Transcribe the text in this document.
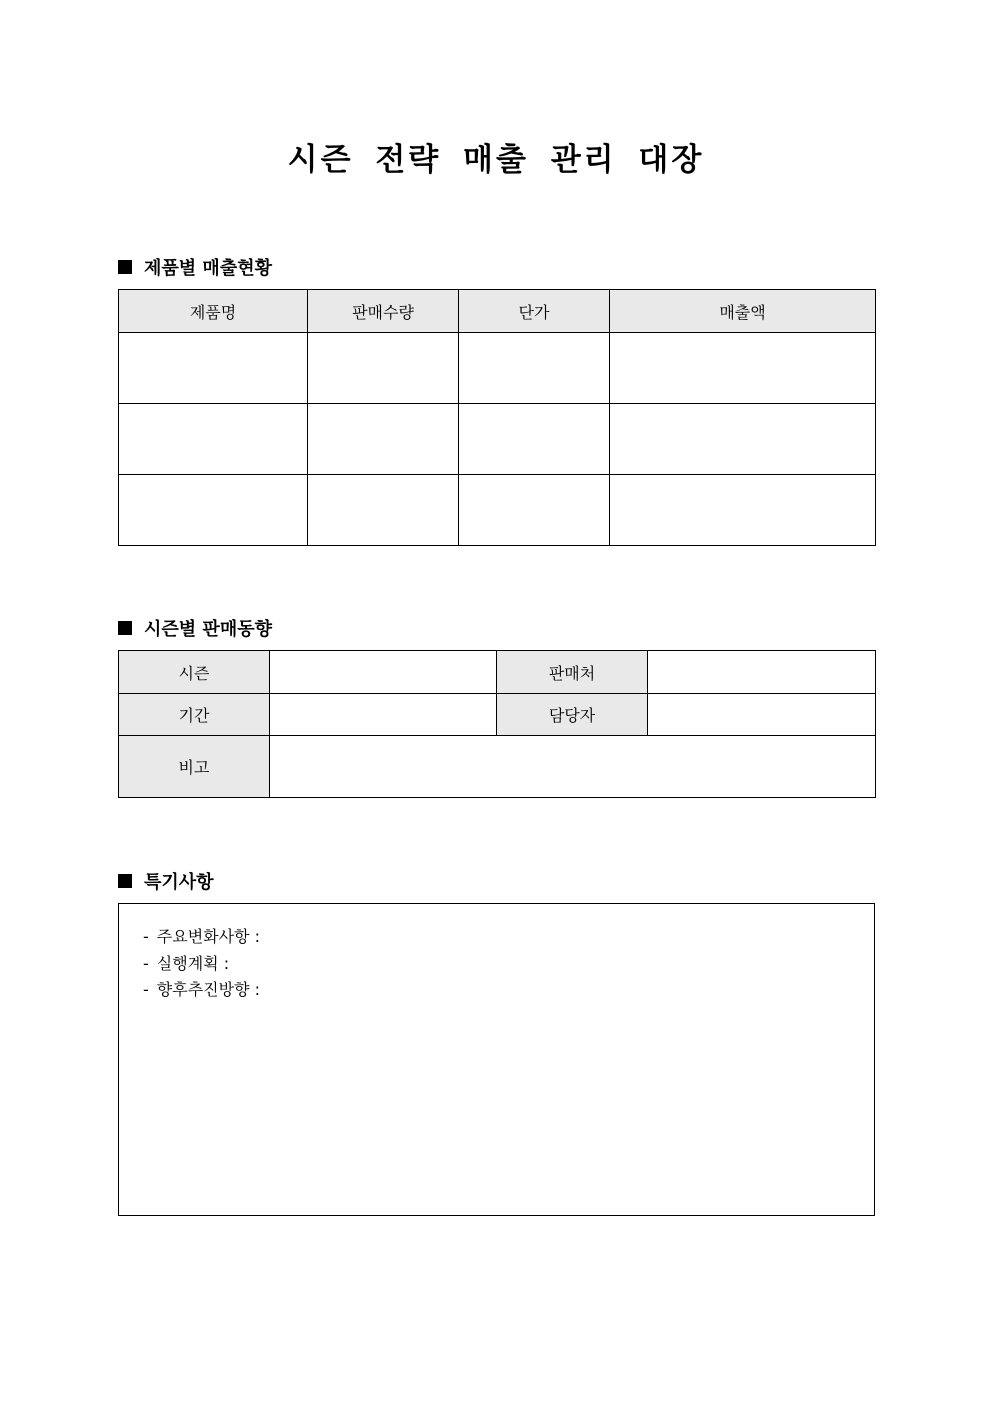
시즌 전략 매출 관리 대장
제품별 매출현황
제품명	판매수량	단가	매출액

시즌별 판매동향
시즌		판매처	
기간		담당자	
비고			
특기사항
- 주요변화사항 :
- 실행계획 :
- 향후추진방향 :
